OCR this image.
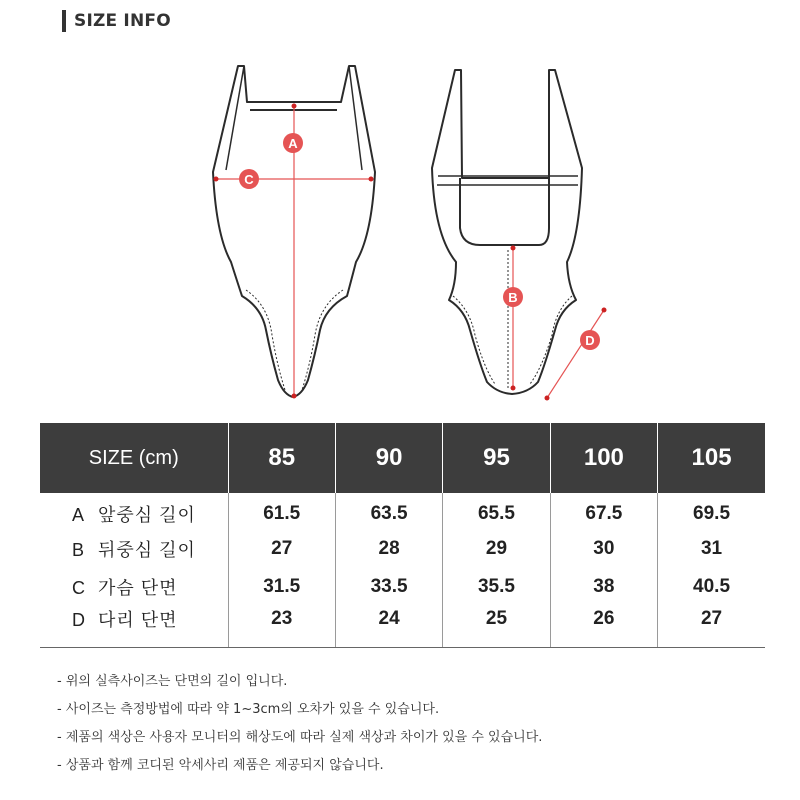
SIZE INFO
A
C
B
D
SIZE (cm)	85	90	95	100	105

A 앞중심 길이	61.5	63.5	65.5	67.5	69.5
B 뒤중심 길이	27	28	29	30	31

C 가슴 단면	31.5	33.5	35.5	38	40.5
D 다리 단면	23	24	25	26	27

- 위의 실측사이즈는 단면의 길이 입니다.
- 사이즈는 측정방법에 따라 약 1~3cm의 오차가 있을 수 있습니다.
- 제품의 색상은 사용자 모니터의 해상도에 따라 실제 색상과 차이가 있을 수 있습니다.
- 상품과 함께 코디된 악세사리 제품은 제공되지 않습니다.
